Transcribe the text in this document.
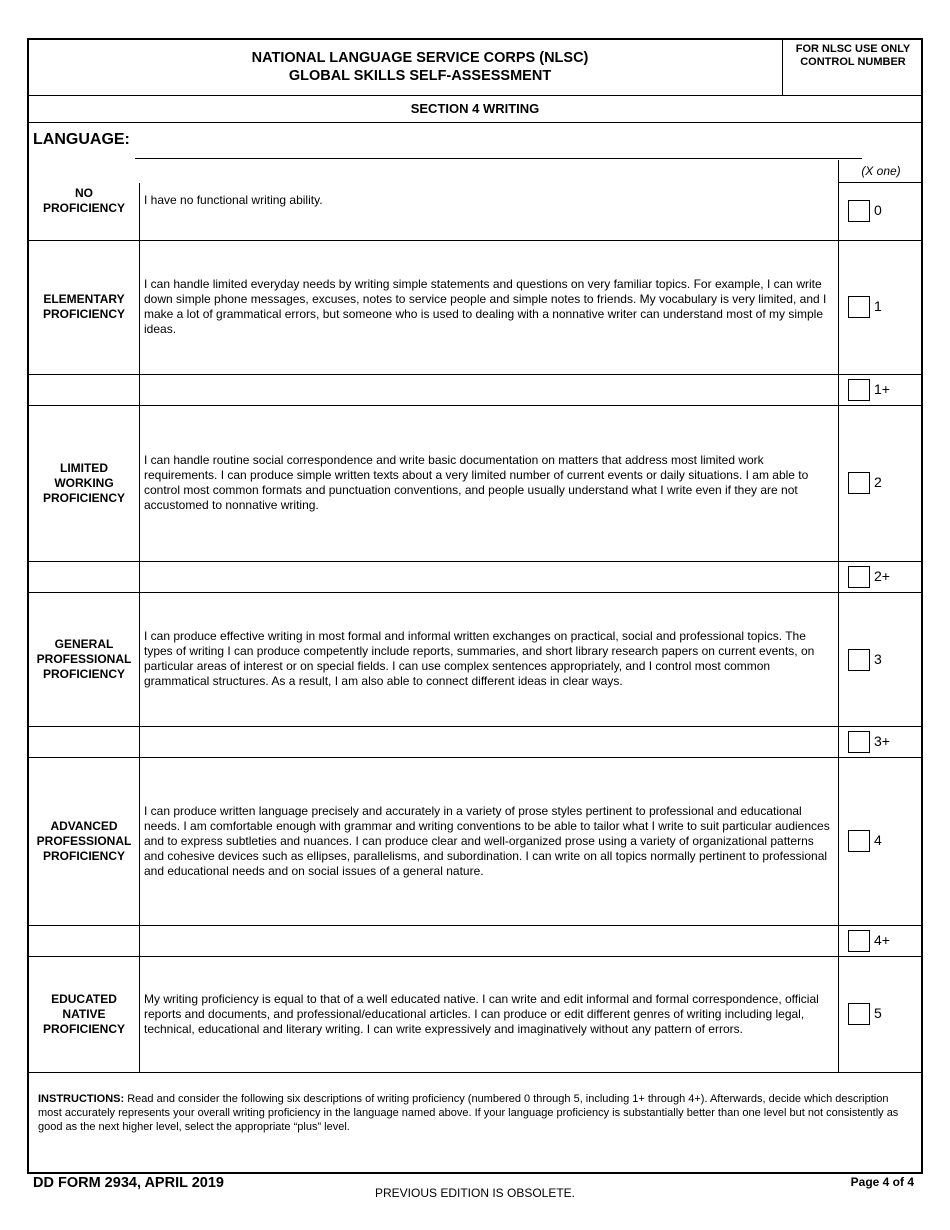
NATIONAL LANGUAGE SERVICE CORPS (NLSC)
GLOBAL SKILLS SELF-ASSESSMENT
FOR NLSC USE ONLY
CONTROL NUMBER
SECTION 4 WRITING
LANGUAGE:
(X one)
NO
PROFICIENCY
I have no functional writing ability.
0
ELEMENTARY
PROFICIENCY
I can handle limited everyday needs by writing simple statements and questions on very familiar topics. For example, I can write down simple phone messages, excuses, notes to service people and simple notes to friends. My vocabulary is very limited, and I make a lot of grammatical errors, but someone who is used to dealing with a nonnative writer can understand most of my simple ideas.
1
1+
LIMITED
WORKING
PROFICIENCY
I can handle routine social correspondence and write basic documentation on matters that address most limited work requirements. I can produce simple written texts about a very limited number of current events or daily situations. I am able to control most common formats and punctuation conventions, and people usually understand what I write even if they are not accustomed to nonnative writing.
2
2+
GENERAL
PROFESSIONAL
PROFICIENCY
I can produce effective writing in most formal and informal written exchanges on practical, social and professional topics. The types of writing I can produce competently include reports, summaries, and short library research papers on current events, on particular areas of interest or on special fields. I can use complex sentences appropriately, and I control most common grammatical structures. As a result, I am also able to connect different ideas in clear ways.
3
3+
ADVANCED
PROFESSIONAL
PROFICIENCY
I can produce written language precisely and accurately in a variety of prose styles pertinent to professional and educational needs. I am comfortable enough with grammar and writing conventions to be able to tailor what I write to suit particular audiences and to express subtleties and nuances. I can produce clear and well-organized prose using a variety of organizational patterns and cohesive devices such as ellipses, parallelisms, and subordination. I can write on all topics normally pertinent to professional and educational needs and on social issues of a general nature.
4
4+
EDUCATED
NATIVE
PROFICIENCY
My writing proficiency is equal to that of a well educated native. I can write and edit informal and formal correspondence, official reports and documents, and professional/educational articles. I can produce or edit different genres of writing including legal, technical, educational and literary writing. I can write expressively and imaginatively without any pattern of errors.
5
INSTRUCTIONS: Read and consider the following six descriptions of writing proficiency (numbered 0 through 5, including 1+ through 4+). Afterwards, decide which description most accurately represents your overall writing proficiency in the language named above. If your language proficiency is substantially better than one level but not consistently as good as the next higher level, select the appropriate “plus” level.
DD FORM 2934, APRIL 2019
PREVIOUS EDITION IS OBSOLETE.
Page 4 of 4
